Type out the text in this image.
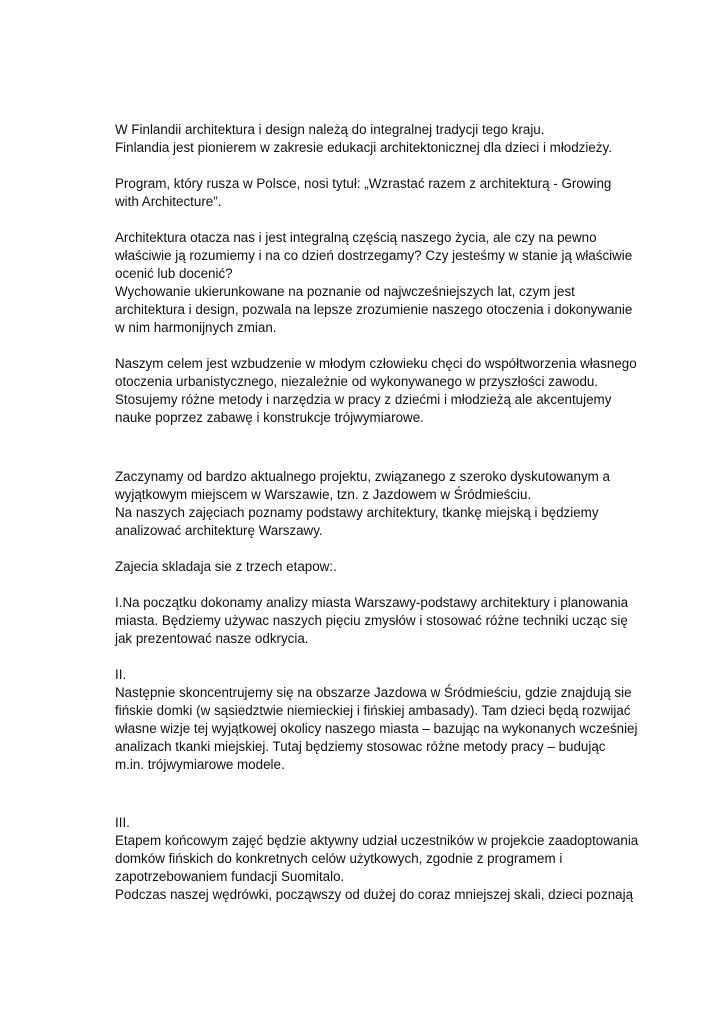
W Finlandii architektura i design należą do integralnej tradycji tego kraju.
Finlandia jest pionierem w zakresie edukacji architektonicznej dla dzieci i młodzieży.
Program, który rusza w Polsce, nosi tytuł: „Wzrastać razem z architekturą - Growing
with Architecture”.
Architektura otacza nas i jest integralną częścią naszego życia, ale czy na pewno
właściwie ją rozumiemy i na co dzień dostrzegamy? Czy jesteśmy w stanie ją właściwie
ocenić lub docenić?
Wychowanie ukierunkowane na poznanie od najwcześniejszych lat, czym jest
architektura i design, pozwala na lepsze zrozumienie naszego otoczenia i dokonywanie
w nim harmonijnych zmian.
Naszym celem jest wzbudzenie w młodym człowieku chęci do współtworzenia własnego
otoczenia urbanistycznego, niezależnie od wykonywanego w przyszłości zawodu.
Stosujemy różne metody i narzędzia w pracy z dziećmi i młodzieżą ale akcentujemy
nauke poprzez zabawę i konstrukcje trójwymiarowe.
Zaczynamy od bardzo aktualnego projektu, związanego z szeroko dyskutowanym a
wyjątkowym miejscem w Warszawie, tzn. z Jazdowem w Śródmieściu.
Na naszych zajęciach poznamy podstawy architektury, tkankę miejską i będziemy
analizować architekturę Warszawy.
Zajecia skladaja sie z trzech etapow:.
I.Na początku dokonamy analizy miasta Warszawy-podstawy architektury i planowania
miasta. Będziemy używac naszych pięciu zmysłów i stosować różne techniki ucząc się
jak prezentować nasze odkrycia.
II.
Następnie skoncentrujemy się na obszarze Jazdowa w Śródmieściu, gdzie znajdują sie
fińskie domki (w sąsiedztwie niemieckiej i fińskiej ambasady). Tam dzieci będą rozwijać
własne wizje tej wyjątkowej okolicy naszego miasta – bazując na wykonanych wcześniej
analizach tkanki miejskiej. Tutaj będziemy stosowac różne metody pracy – budując
m.in. trójwymiarowe modele.
III.
Etapem końcowym zajęć będzie aktywny udział uczestników w projekcie zaadoptowania
domków fińskich do konkretnych celów użytkowych, zgodnie z programem i
zapotrzebowaniem fundacji Suomitalo.
Podczas naszej wędrówki, począwszy od dużej do coraz mniejszej skali, dzieci poznają
